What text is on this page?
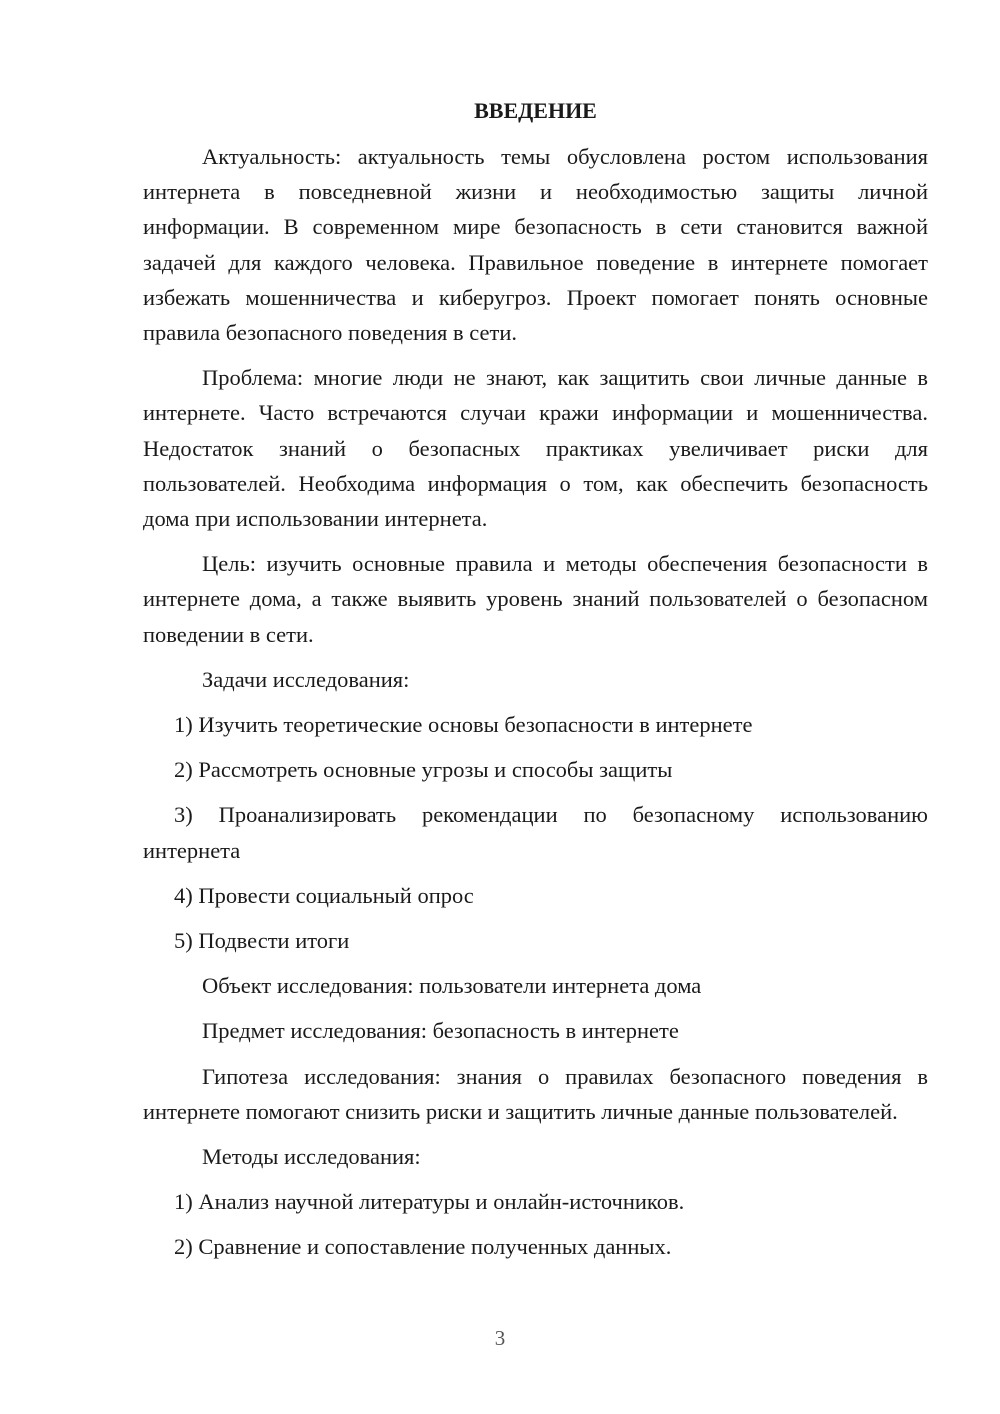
ВВЕДЕНИЕ

Актуальность: актуальность темы обусловлена ростом использования интернета в повседневной жизни и необходимостью защиты личной информации. В современном мире безопасность в сети становится важной задачей для каждого человека. Правильное поведение в интернете помогает избежать мошенничества и киберугроз. Проект помогает понять основные правила безопасного поведения в сети.

Проблема: многие люди не знают, как защитить свои личные данные в интернете. Часто встречаются случаи кражи информации и мошенничества. Недостаток знаний о безопасных практиках увеличивает риски для пользователей. Необходима информация о том, как обеспечить безопасность дома при использовании интернета.

Цель: изучить основные правила и методы обеспечения безопасности в интернете дома, а также выявить уровень знаний пользователей о безопасном поведении в сети.

Задачи исследования:

1) Изучить теоретические основы безопасности в интернете

2) Рассмотреть основные угрозы и способы защиты

3) Проанализировать рекомендации по безопасному использованию интернета

4) Провести социальный опрос

5) Подвести итоги

Объект исследования: пользователи интернета дома

Предмет исследования: безопасность в интернете

Гипотеза исследования: знания о правилах безопасного поведения в интернете помогают снизить риски и защитить личные данные пользователей.

Методы исследования:

1) Анализ научной литературы и онлайн-источников.

2) Сравнение и сопоставление полученных данных.

3
